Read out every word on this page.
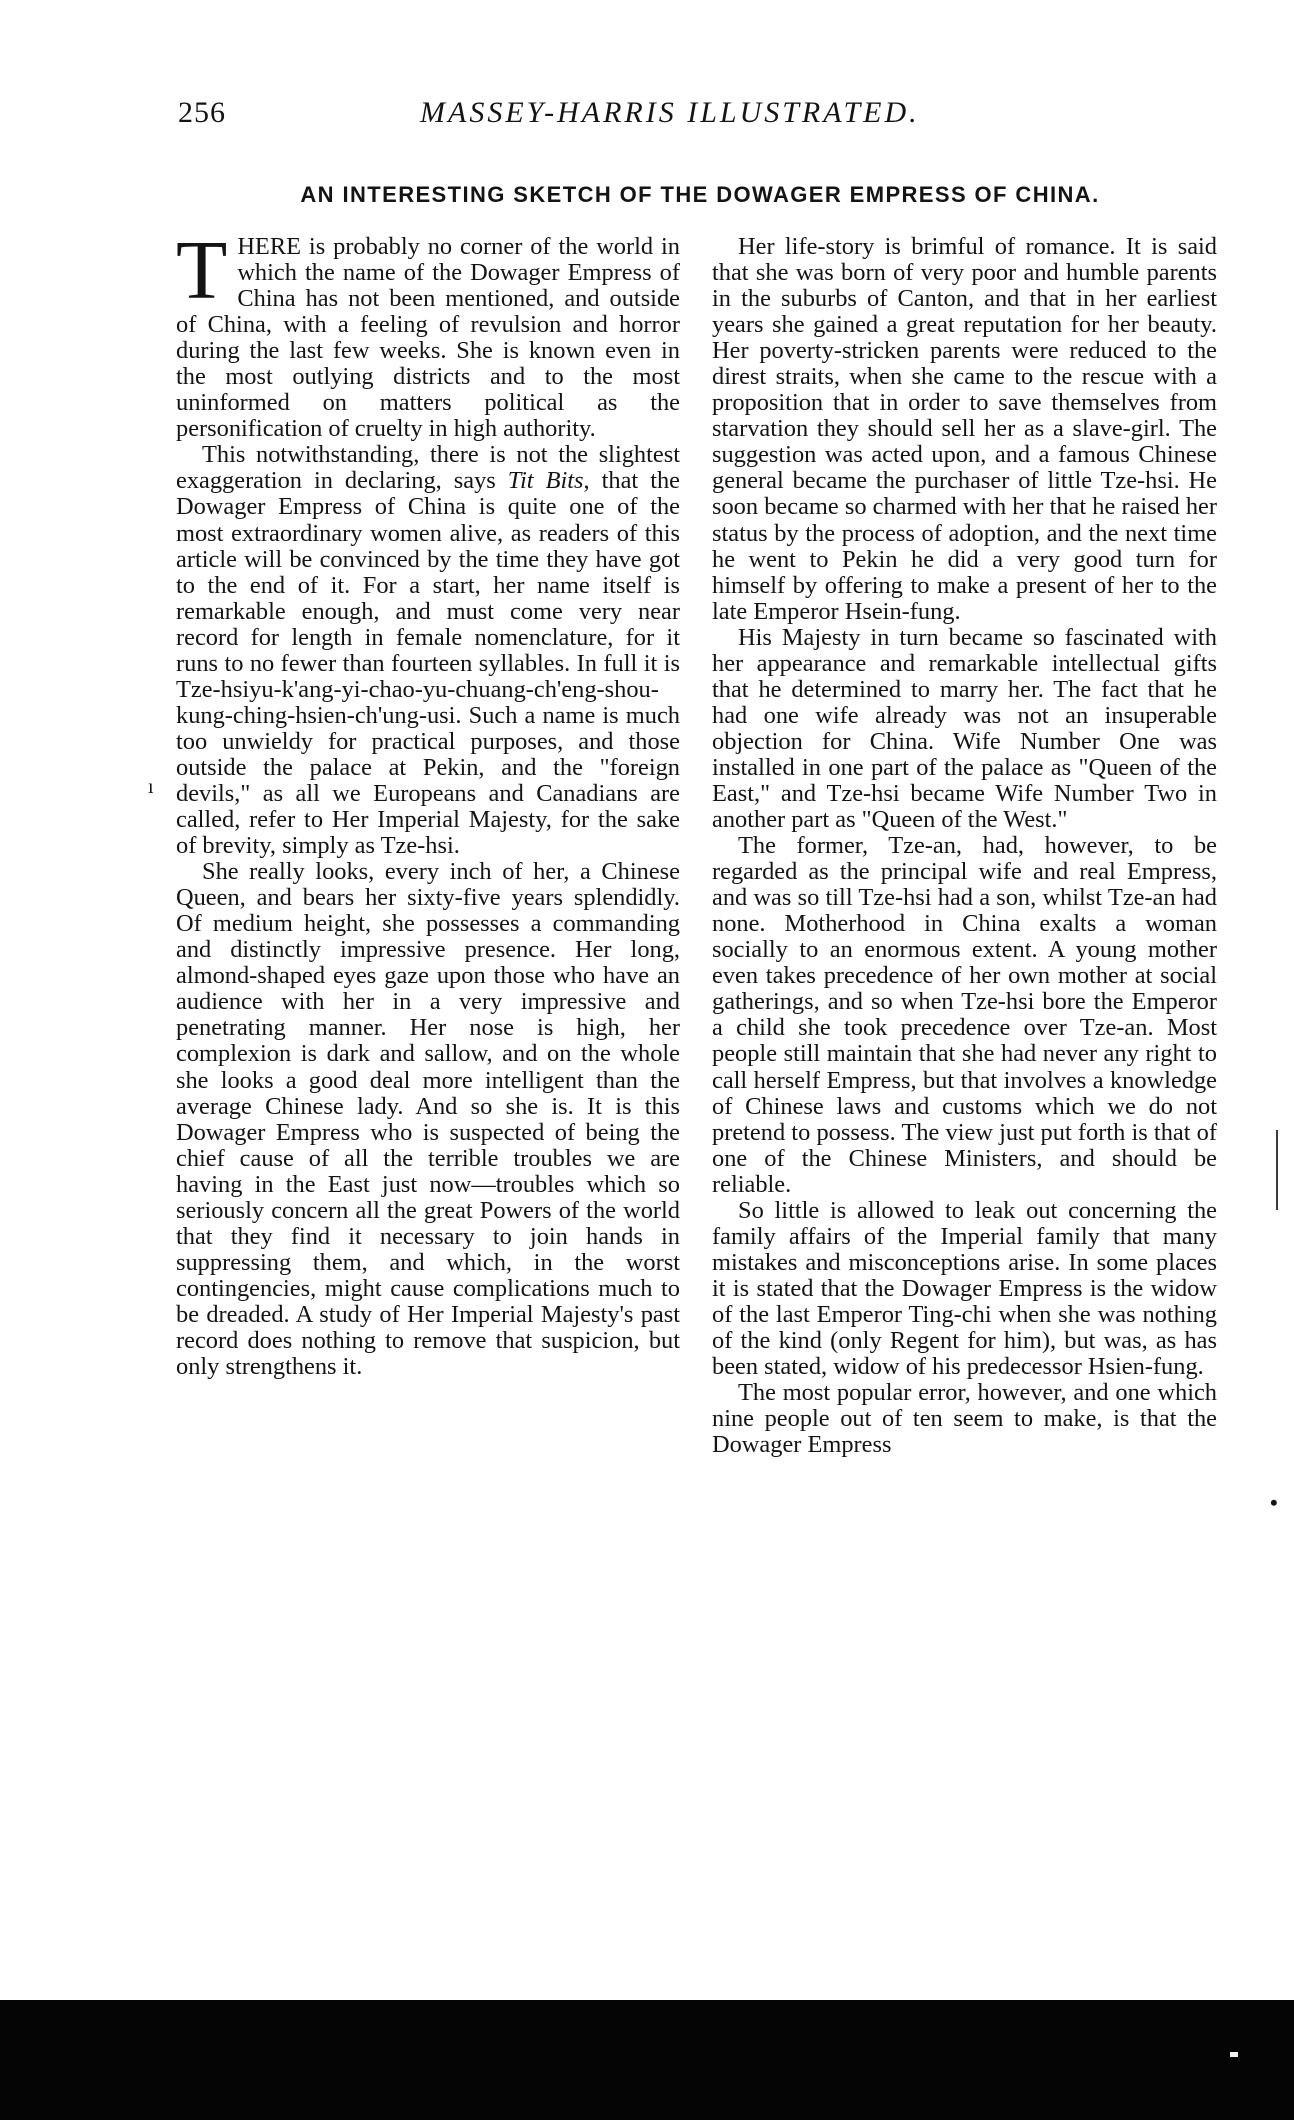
256	MASSEY-HARRIS ILLUSTRATED.
AN INTERESTING SKETCH OF THE DOWAGER EMPRESS OF CHINA.

THERE is probably no corner of the world in which the name of the Dowager Empress of China has not been mentioned, and outside of China, with a feeling of revulsion and horror during the last few weeks. She is known even in the most outlying districts and to the most uninformed on matters political as the personification of cruelty in high authority.

This notwithstanding, there is not the slightest exaggeration in declaring, says Tit Bits, that the Dowager Empress of China is quite one of the most extraordinary women alive, as readers of this article will be convinced by the time they have got to the end of it. For a start, her name itself is remarkable enough, and must come very near record for length in female nomenclature, for it runs to no fewer than fourteen syllables. In full it is Tze-hsiyu-k'ang-yi-chao-yu-chuang-ch'eng-shou-kung-ching-hsien-ch'ung-usi. Such a name is much too unwieldy for practical purposes, and those outside the palace at Pekin, and the "foreign devils," as all we Europeans and Canadians are called, refer to Her Imperial Majesty, for the sake of brevity, simply as Tze-hsi.

She really looks, every inch of her, a Chinese Queen, and bears her sixty-five years splendidly. Of medium height, she possesses a commanding and distinctly impressive presence. Her long, almond-shaped eyes gaze upon those who have an audience with her in a very impressive and penetrating manner. Her nose is high, her complexion is dark and sallow, and on the whole she looks a good deal more intelligent than the average Chinese lady. And so she is. It is this Dowager Empress who is suspected of being the chief cause of all the terrible troubles we are having in the East just now—troubles which so seriously concern all the great Powers of the world that they find it necessary to join hands in suppressing them, and which, in the worst contingencies, might cause complications much to be dreaded. A study of Her Imperial Majesty's past record does nothing to remove that suspicion, but only strengthens it.

Her life-story is brimful of romance. It is said that she was born of very poor and humble parents in the suburbs of Canton, and that in her earliest years she gained a great reputation for her beauty. Her poverty-stricken parents were reduced to the direst straits, when she came to the rescue with a proposition that in order to save themselves from starvation they should sell her as a slave-girl. The suggestion was acted upon, and a famous Chinese general became the purchaser of little Tze-hsi. He soon became so charmed with her that he raised her status by the process of adoption, and the next time he went to Pekin he did a very good turn for himself by offering to make a present of her to the late Emperor Hsein-fung.

His Majesty in turn became so fascinated with her appearance and remarkable intellectual gifts that he determined to marry her. The fact that he had one wife already was not an insuperable objection for China. Wife Number One was installed in one part of the palace as "Queen of the East," and Tze-hsi became Wife Number Two in another part as "Queen of the West."

The former, Tze-an, had, however, to be regarded as the principal wife and real Empress, and was so till Tze-hsi had a son, whilst Tze-an had none. Motherhood in China exalts a woman socially to an enormous extent. A young mother even takes precedence of her own mother at social gatherings, and so when Tze-hsi bore the Emperor a child she took precedence over Tze-an. Most people still maintain that she had never any right to call herself Empress, but that involves a knowledge of Chinese laws and customs which we do not pretend to possess. The view just put forth is that of one of the Chinese Ministers, and should be reliable.

So little is allowed to leak out concerning the family affairs of the Imperial family that many mistakes and misconceptions arise. In some places it is stated that the Dowager Empress is the widow of the last Emperor Ting-chi when she was nothing of the kind (only Regent for him), but was, as has been stated, widow of his predecessor Hsien-fung.

The most popular error, however, and one which nine people out of ten seem to make, is that the Dowager Empress

ı
•
